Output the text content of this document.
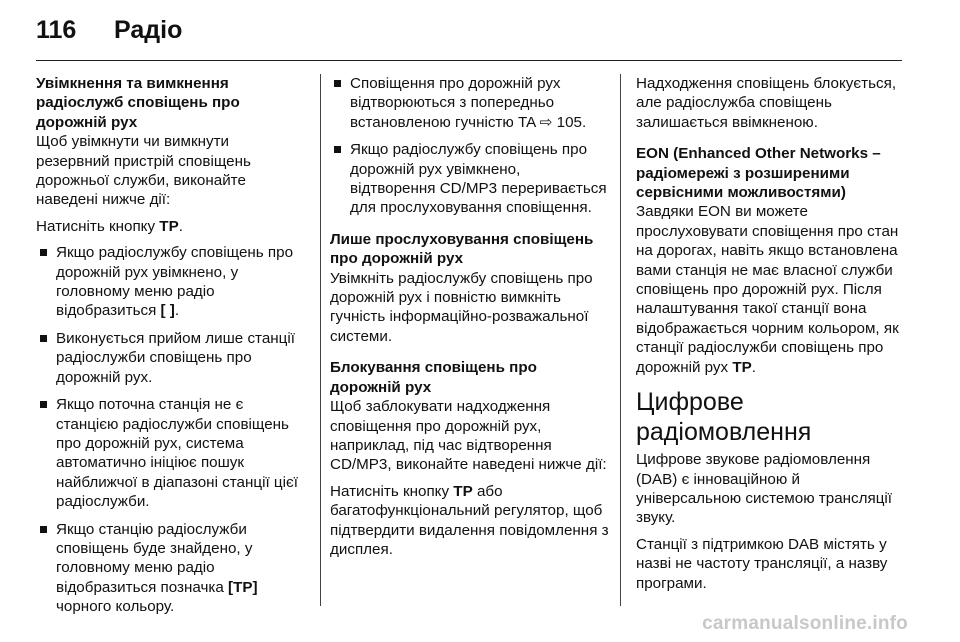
116	Радіо

Увімкнення та вимкнення радіослужб сповіщень про дорожній рух

Щоб увімкнути чи вимкнути резервний пристрій сповіщень дорожньої служби, виконайте наведені нижче дії:

Натисніть кнопку TP.

Якщо радіослужбу сповіщень про дорожній рух увімкнено, у головному меню радіо відобразиться [ ].
Виконується прийом лише станції радіослужби сповіщень про дорожній рух.
Якщо поточна станція не є станцією радіослужби сповіщень про дорожній рух, система автоматично ініціює пошук найближчої в діапазоні станції цієї радіослужби.
Якщо станцію радіослужби сповіщень буде знайдено, у головному меню радіо відобразиться позначка [TP] чорного кольору.
Сповіщення про дорожній рух відтворюються з попередньо встановленою гучністю TA ⇨ 105.
Якщо радіослужбу сповіщень про дорожній рух увімкнено, відтворення CD/MP3 переривається для прослуховування сповіщення.

Лише прослуховування сповіщень про дорожній рух

Увімкніть радіослужбу сповіщень про дорожній рух і повністю вимкніть гучність інформаційно-розважальної системи.

Блокування сповіщень про дорожній рух

Щоб заблокувати надходження сповіщення про дорожній рух, наприклад, під час відтворення CD/MP3, виконайте наведені нижче дії:

Натисніть кнопку TP або багатофункціональний регулятор, щоб підтвердити видалення повідомлення з дисплея.

Надходження сповіщень блокується, але радіослужба сповіщень залишається ввімкненою.

EON (Enhanced Other Networks – радіомережі з розширеними сервісними можливостями)

Завдяки EON ви можете прослуховувати сповіщення про стан на дорогах, навіть якщо встановлена вами станція не має власної служби сповіщень про дорожній рух. Після налаштування такої станції вона відображається чорним кольором, як станції радіослужби сповіщень про дорожній рух TP.

Цифрове радіомовлення

Цифрове звукове радіомовлення (DAB) є інноваційною й універсальною системою трансляції звуку.

Станції з підтримкою DAB містять у назві не частоту трансляції, а назву програми.

carmanualsonline.info
